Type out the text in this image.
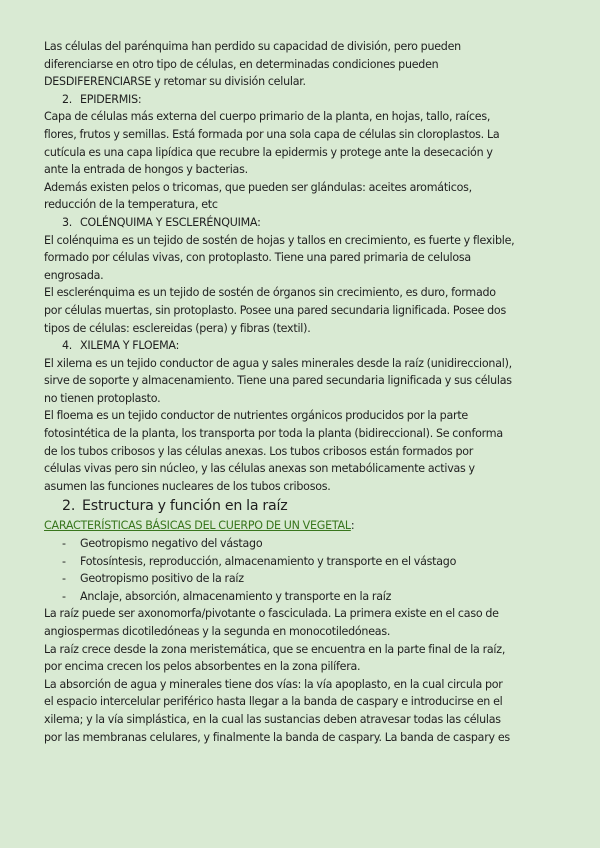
Las células del parénquima han perdido su capacidad de división, pero pueden

diferenciarse en otro tipo de células, en determinadas condiciones pueden

DESDIFERENCIARSE y retomar su división celular.

2. EPIDERMIS:

Capa de células más externa del cuerpo primario de la planta, en hojas, tallo, raíces,

flores, frutos y semillas. Está formada por una sola capa de células sin cloroplastos. La

cutícula es una capa lipídica que recubre la epidermis y protege ante la desecación y

ante la entrada de hongos y bacterias.

Además existen pelos o tricomas, que pueden ser glándulas: aceites aromáticos,

reducción de la temperatura, etc

3. COLÉNQUIMA Y ESCLERÉNQUIMA:

El colénquima es un tejido de sostén de hojas y tallos en crecimiento, es fuerte y flexible,

formado por células vivas, con protoplasto. Tiene una pared primaria de celulosa

engrosada.

El esclerénquima es un tejido de sostén de órganos sin crecimiento, es duro, formado

por células muertas, sin protoplasto. Posee una pared secundaria lignificada. Posee dos

tipos de células: esclereidas (pera) y fibras (textil).

4. XILEMA Y FLOEMA:

El xilema es un tejido conductor de agua y sales minerales desde la raíz (unidireccional),

sirve de soporte y almacenamiento. Tiene una pared secundaria lignificada y sus células

no tienen protoplasto.

El floema es un tejido conductor de nutrientes orgánicos producidos por la parte

fotosintética de la planta, los transporta por toda la planta (bidireccional). Se conforma

de los tubos cribosos y las células anexas. Los tubos cribosos están formados por

células vivas pero sin núcleo, y las células anexas son metabólicamente activas y

asumen las funciones nucleares de los tubos cribosos.

2. Estructura y función en la raíz

CARACTERÍSTICAS BÁSICAS DEL CUERPO DE UN VEGETAL:

- Geotropismo negativo del vástago
- Fotosíntesis, reproducción, almacenamiento y transporte en el vástago
- Geotropismo positivo de la raíz
- Anclaje, absorción, almacenamiento y transporte en la raíz

La raíz puede ser axonomorfa/pivotante o fasciculada. La primera existe en el caso de

angiospermas dicotiledóneas y la segunda en monocotiledóneas.

La raíz crece desde la zona meristemática, que se encuentra en la parte final de la raíz,

por encima crecen los pelos absorbentes en la zona pilífera.

La absorción de agua y minerales tiene dos vías: la vía apoplasto, en la cual circula por

el espacio intercelular periférico hasta llegar a la banda de caspary e introducirse en el

xilema; y la vía simplástica, en la cual las sustancias deben atravesar todas las células

por las membranas celulares, y finalmente la banda de caspary. La banda de caspary es
